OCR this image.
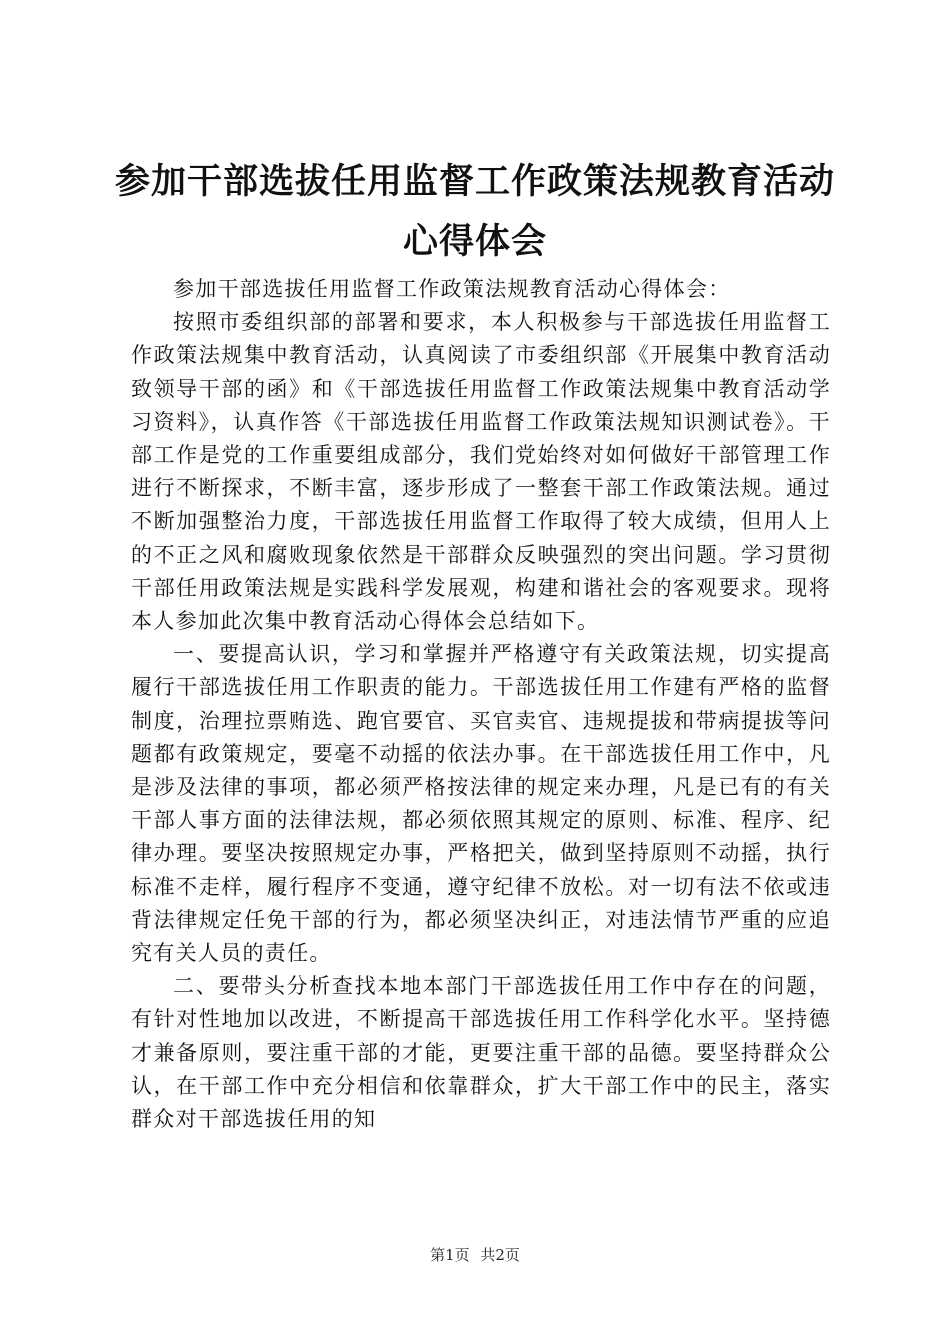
参加干部选拔任用监督工作政策法规教育活动
心得体会

参加干部选拔任用监督工作政策法规教育活动心得体会：

按照市委组织部的部署和要求，本人积极参与干部选拔任用监督工作政策法规集中教育活动，认真阅读了市委组织部《开展集中教育活动致领导干部的函》和《干部选拔任用监督工作政策法规集中教育活动学习资料》，认真作答《干部选拔任用监督工作政策法规知识测试卷》。干部工作是党的工作重要组成部分，我们党始终对如何做好干部管理工作进行不断探求，不断丰富，逐步形成了一整套干部工作政策法规。通过不断加强整治力度，干部选拔任用监督工作取得了较大成绩，但用人上的不正之风和腐败现象依然是干部群众反映强烈的突出问题。学习贯彻干部任用政策法规是实践科学发展观，构建和谐社会的客观要求。现将本人参加此次集中教育活动心得体会总结如下。

一、要提高认识，学习和掌握并严格遵守有关政策法规，切实提高履行干部选拔任用工作职责的能力。干部选拔任用工作建有严格的监督制度，治理拉票贿选、跑官要官、买官卖官、违规提拔和带病提拔等问题都有政策规定，要毫不动摇的依法办事。在干部选拔任用工作中，凡是涉及法律的事项，都必须严格按法律的规定来办理，凡是已有的有关干部人事方面的法律法规，都必须依照其规定的原则、标准、程序、纪律办理。要坚决按照规定办事，严格把关，做到坚持原则不动摇，执行标准不走样，履行程序不变通，遵守纪律不放松。对一切有法不依或违背法律规定任免干部的行为，都必须坚决纠正，对违法情节严重的应追究有关人员的责任。

二、要带头分析查找本地本部门干部选拔任用工作中存在的问题，有针对性地加以改进，不断提高干部选拔任用工作科学化水平。坚持德才兼备原则，要注重干部的才能，更要注重干部的品德。要坚持群众公认，在干部工作中充分相信和依靠群众，扩大干部工作中的民主，落实群众对干部选拔任用的知

第1页 共2页
